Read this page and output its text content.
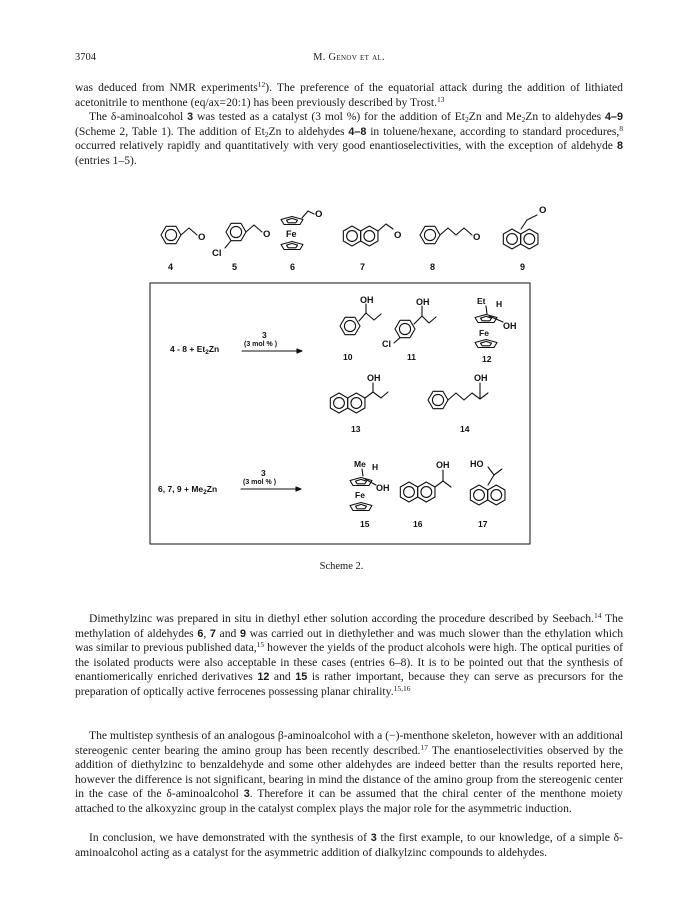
3704	M. Genov et al.

was deduced from NMR experiments$^{12}$). The preference of the equatorial attack during the addition of lithiated acetonitrile to menthone (eq/ax=20:1) has been previously described by Trost.$^{13}$

The δ-aminoalcohol 3 was tested as a catalyst (3 mol %) for the addition of $Et_2Zn$ and $Me_2Zn$ to aldehydes 4–9 (Scheme 2, Table 1). The addition of $Et_2Zn$ to aldehydes 4–8 in toluene/hexane, according to standard procedures,$^8$ occurred relatively rapidly and quantitatively with very good enantioselectivities, with the exception of aldehyde 8 (entries 1–5).

O
Cl
O
O
Fe	O	O
O
4	5	6	7	8	9
$4 - 8 + Et_2Zn$
3
(3 mol % )
OH
Cl
OH	Et H
OH
Fe
10	11	12
OH	OH
13	14
6, 7, $9 + Me_2Zn$
3
(3 mol % )
Me H
OH
Fe
OH HO
15	16	17
Scheme 2.

Dimethylzinc was prepared in situ in diethyl ether solution according the procedure described by Seebach.$^{14}$ The methylation of aldehydes 6, 7 and 9 was carried out in diethylether and was much slower than the ethylation which was similar to previous published data,$^{15}$ however the yields of the product alcohols were high. The optical purities of the isolated products were also acceptable in these cases (entries 6–8). It is to be pointed out that the synthesis of enantiomerically enriched derivatives 12 and 15 is rather important, because they can serve as precursors for the preparation of optically active ferrocenes possessing planar chirality.$^{15,16}$

The multistep synthesis of an analogous β-aminoalcohol with a (−)-menthone skeleton, however with an additional stereogenic center bearing the amino group has been recently described.$^{17}$ The enantioselectivities observed by the addition of diethylzinc to benzaldehyde and some other aldehydes are indeed better than the results reported here, however the difference is not significant, bearing in mind the distance of the amino group from the stereogenic center in the case of the δ-aminoalcohol 3. Therefore it can be assumed that the chiral center of the menthone moiety attached to the alkoxyzinc group in the catalyst complex plays the major role for the asymmetric induction.

In conclusion, we have demonstrated with the synthesis of 3 the first example, to our knowledge, of a simple δ-aminoalcohol acting as a catalyst for the asymmetric addition of dialkylzinc compounds to aldehydes.
